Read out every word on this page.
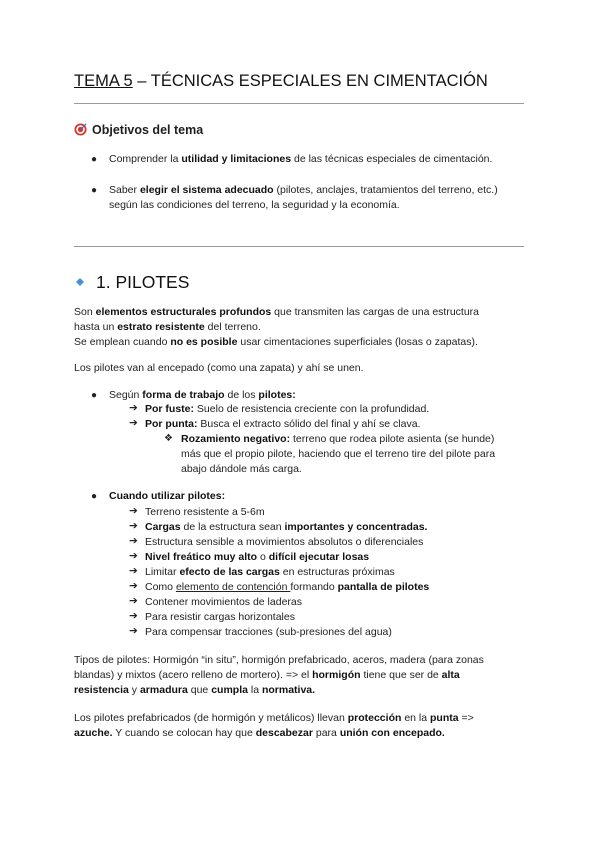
TEMA 5 – TÉCNICAS ESPECIALES EN CIMENTACIÓN
Objetivos del tema
● Comprender la utilidad y limitaciones de las técnicas especiales de cimentación.
● Saber elegir el sistema adecuado (pilotes, anclajes, tratamientos del terreno, etc.)
según las condiciones del terreno, la seguridad y la economía.
1. PILOTES
Son elementos estructurales profundos que transmiten las cargas de una estructura
hasta un estrato resistente del terreno.
Se emplean cuando no es posible usar cimentaciones superficiales (losas o zapatas).
Los pilotes van al encepado (como una zapata) y ahí se unen.
● Según forma de trabajo de los pilotes:
➔ Por fuste: Suelo de resistencia creciente con la profundidad.
➔ Por punta: Busca el extracto sólido del final y ahí se clava.
❖ Rozamiento negativo: terreno que rodea pilote asienta (se hunde)
más que el propio pilote, haciendo que el terreno tire del pilote para
abajo dándole más carga.
● Cuando utilizar pilotes:
➔ Terreno resistente a 5-6m
➔ Cargas de la estructura sean importantes y concentradas.
➔ Estructura sensible a movimientos absolutos o diferenciales
➔ Nivel freático muy alto o difícil ejecutar losas
➔ Limitar efecto de las cargas en estructuras próximas
➔ Como elemento de contención formando pantalla de pilotes
➔ Contener movimientos de laderas
➔ Para resistir cargas horizontales
➔ Para compensar tracciones (sub-presiones del agua)
Tipos de pilotes: Hormigón “in situ”, hormigón prefabricado, aceros, madera (para zonas
blandas) y mixtos (acero relleno de mortero). => el hormigón tiene que ser de alta
resistencia y armadura que cumpla la normativa.
Los pilotes prefabricados (de hormigón y metálicos) llevan protección en la punta =>
azuche. Y cuando se colocan hay que descabezar para unión con encepado.
